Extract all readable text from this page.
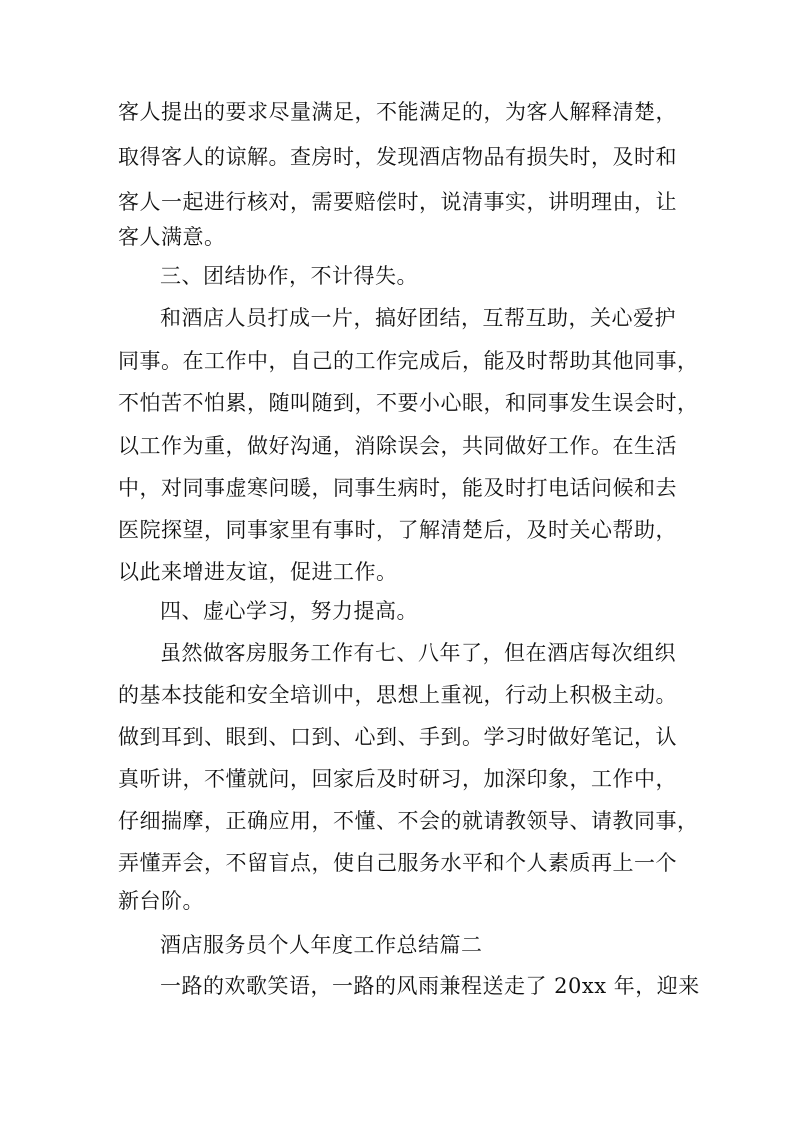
客人提出的要求尽量满足，不能满足的，为客人解释清楚，
取得客人的谅解。查房时，发现酒店物品有损失时，及时和
客人一起进行核对，需要赔偿时，说清事实，讲明理由，让
客人满意。
三、团结协作，不计得失。
和酒店人员打成一片，搞好团结，互帮互助，关心爱护
同事。在工作中，自己的工作完成后，能及时帮助其他同事，
不怕苦不怕累，随叫随到，不要小心眼，和同事发生误会时，
以工作为重，做好沟通，消除误会，共同做好工作。在生活
中，对同事虚寒问暖，同事生病时，能及时打电话问候和去
医院探望，同事家里有事时，了解清楚后，及时关心帮助，
以此来增进友谊，促进工作。
四、虚心学习，努力提高。
虽然做客房服务工作有七、八年了，但在酒店每次组织
的基本技能和安全培训中，思想上重视，行动上积极主动。
做到耳到、眼到、口到、心到、手到。学习时做好笔记，认
真听讲，不懂就问，回家后及时研习，加深印象，工作中，
仔细揣摩，正确应用，不懂、不会的就请教领导、请教同事，
弄懂弄会，不留盲点，使自己服务水平和个人素质再上一个
新台阶。
酒店服务员个人年度工作总结篇二
一路的欢歌笑语，一路的风雨兼程送走了 20xx 年，迎来
